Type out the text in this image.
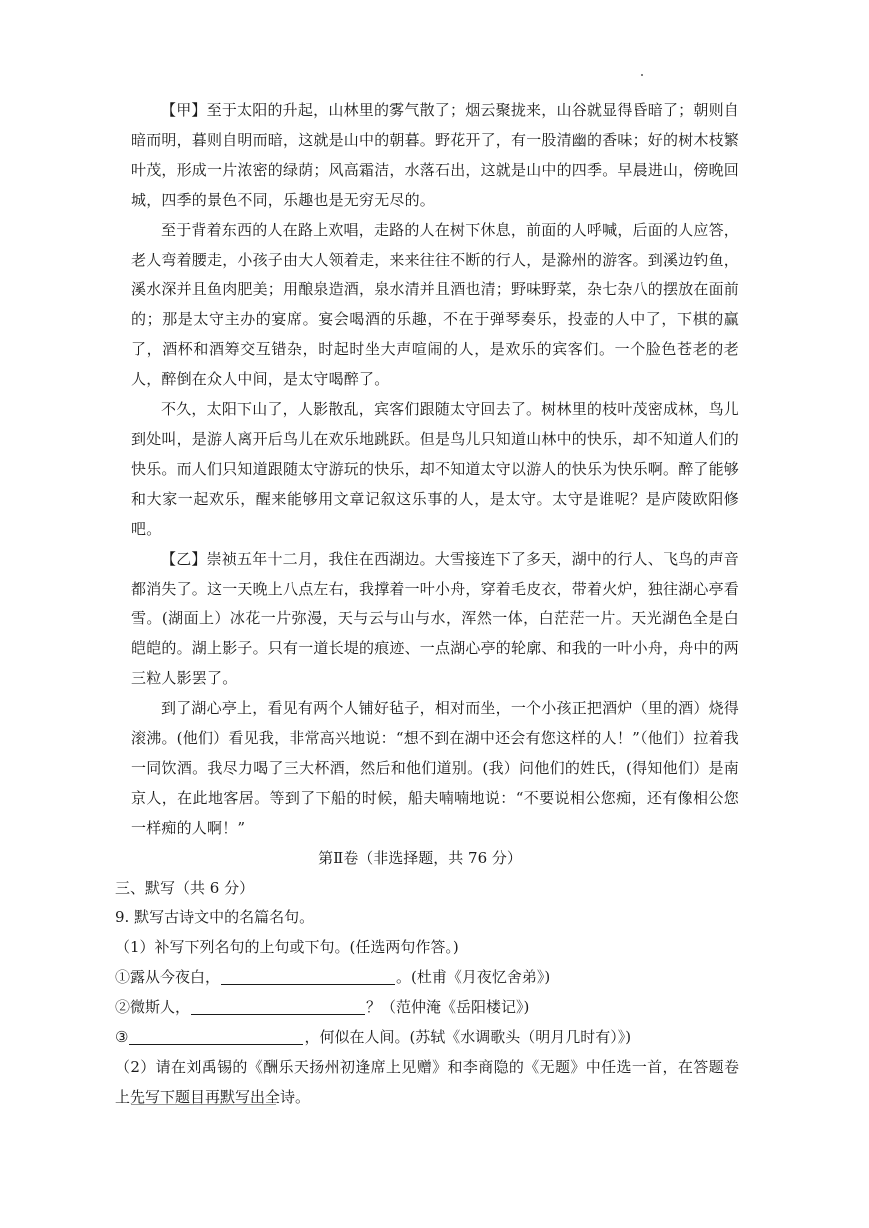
【甲】至于太阳的升起，山林里的雾气散了；烟云聚拢来，山谷就显得昏暗了；朝则自暗而明，暮则自明而暗，这就是山中的朝暮。野花开了，有一股清幽的香味；好的树木枝繁叶茂，形成一片浓密的绿荫；风高霜洁，水落石出，这就是山中的四季。早晨进山，傍晚回城，四季的景色不同，乐趣也是无穷无尽的。

至于背着东西的人在路上欢唱，走路的人在树下休息，前面的人呼喊，后面的人应答，老人弯着腰走，小孩子由大人领着走，来来往往不断的行人，是滁州的游客。到溪边钓鱼，溪水深并且鱼肉肥美；用酿泉造酒，泉水清并且酒也清；野味野菜，杂七杂八的摆放在面前的；那是太守主办的宴席。宴会喝酒的乐趣，不在于弹琴奏乐，投壶的人中了，下棋的赢了，酒杯和酒筹交互错杂，时起时坐大声喧闹的人，是欢乐的宾客们。一个脸色苍老的老人，醉倒在众人中间，是太守喝醉了。

不久，太阳下山了，人影散乱，宾客们跟随太守回去了。树林里的枝叶茂密成林，鸟儿到处叫，是游人离开后鸟儿在欢乐地跳跃。但是鸟儿只知道山林中的快乐，却不知道人们的快乐。而人们只知道跟随太守游玩的快乐，却不知道太守以游人的快乐为快乐啊。醉了能够和大家一起欢乐，醒来能够用文章记叙这乐事的人，是太守。太守是谁呢？是庐陵欧阳修吧。

【乙】崇祯五年十二月，我住在西湖边。大雪接连下了多天，湖中的行人、飞鸟的声音都消失了。这一天晚上八点左右，我撑着一叶小舟，穿着毛皮衣，带着火炉，独往湖心亭看雪。(湖面上）冰花一片弥漫，天与云与山与水，浑然一体，白茫茫一片。天光湖色全是白皑皑的。湖上影子。只有一道长堤的痕迹、一点湖心亭的轮廓、和我的一叶小舟，舟中的两三粒人影罢了。

到了湖心亭上，看见有两个人铺好毡子，相对而坐，一个小孩正把酒炉（里的酒）烧得滚沸。(他们）看见我，非常高兴地说：“想不到在湖中还会有您这样的人！”（他们）拉着我一同饮酒。我尽力喝了三大杯酒，然后和他们道别。(我）问他们的姓氏，(得知他们）是南京人，在此地客居。等到了下船的时候，船夫喃喃地说：“不要说相公您痴，还有像相公您一样痴的人啊！”

第Ⅱ卷（非选择题，共 76 分）

三、默写（共 6 分）

9. 默写古诗文中的名篇名句。

（1）补写下列名句的上句或下句。(任选两句作答。)

①露从今夜白，	。(杜甫《月夜忆舍弟》)

②微斯人，	？（范仲淹《岳阳楼记》)

③	，何似在人间。(苏轼《水调歌头（明月几时有）》)

（2）请在刘禹锡的《酬乐天扬州初逢席上见赠》和李商隐的《无题》中任选一首，在答题卷上先写下题目再默写出全诗。
